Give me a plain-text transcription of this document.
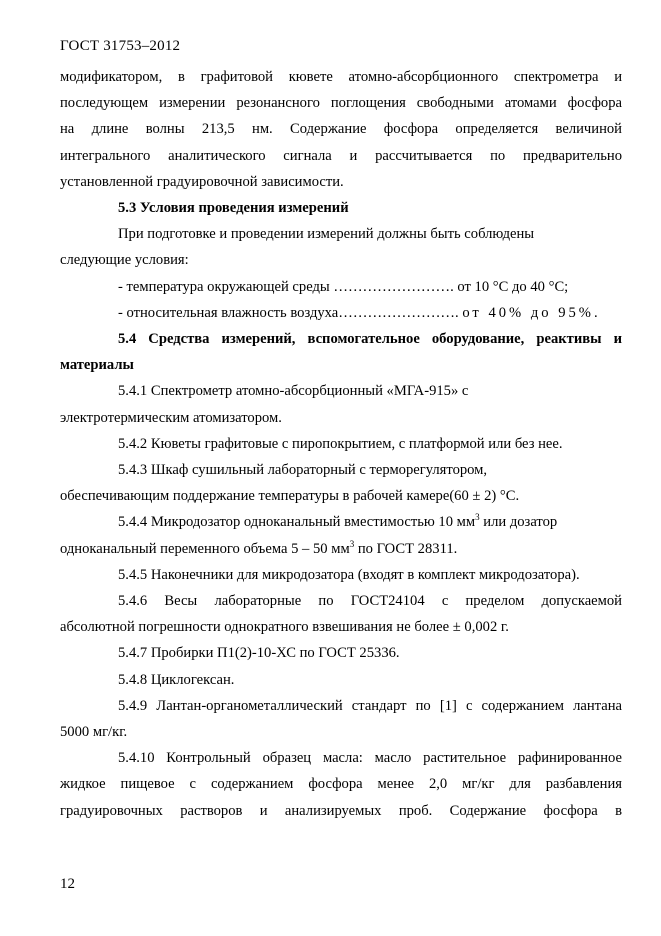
ГОСТ 31753–2012

модификатором, в графитовой кювете атомно-абсорбционного спектрометра и

последующем измерении резонансного поглощения свободными атомами фосфора

на длине волны 213,5 нм. Содержание фосфора определяется величиной

интегрального аналитического сигнала и рассчитывается по предварительно

установленной градуировочной зависимости.

5.3 Условия проведения измерений

При подготовке и проведении измерений должны быть соблюдены

следующие условия:

- температура окружающей среды ……………………. от 10 °С до 40 °С;

- относительная влажность воздуха……………………. от 40% до 95%.

5.4 Средства измерений, вспомогательное оборудование, реактивы и

материалы

5.4.1 Спектрометр атомно-абсорбционный «МГА-915» с

электротермическим атомизатором.

5.4.2 Кюветы графитовые с пиропокрытием, с платформой или без нее.

5.4.3 Шкаф сушильный лабораторный с терморегулятором,

обеспечивающим поддержание температуры в рабочей камере(60 ± 2) °С.

5.4.4 Микродозатор одноканальный вместимостью 10 $мм^3$ или дозатор

одноканальный переменного объема 5 – 50 $мм^3$ по ГОСТ 28311.

5.4.5 Наконечники для микродозатора (входят в комплект микродозатора).

5.4.6 Весы лабораторные по ГОСТ24104 с пределом допускаемой

абсолютной погрешности однократного взвешивания не более ± 0,002 г.

5.4.7 Пробирки П1(2)-10-ХС по ГОСТ 25336.

5.4.8 Циклогексан.

5.4.9 Лантан-органометаллический стандарт по [1] с содержанием лантана

5000 мг/кг.

5.4.10 Контрольный образец масла: масло растительное рафинированное

жидкое пищевое с содержанием фосфора менее 2,0 мг/кг для разбавления

градуировочных растворов и анализируемых проб. Содержание фосфора в

12
